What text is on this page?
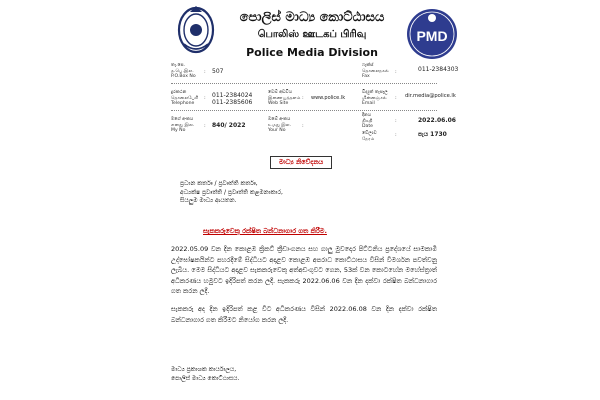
PMD
පොලිස් මාධ්‍ය කොට්ඨාසය
பொலிஸ் ஊடகப் பிரிவு
Police Media Division
තැ.පෙ.
த.பெ.இல.
P.O.Box No
: 507
ෆැක්ස්
தொலைநகல்
Fax
:	011-2384303
දුරකථන
தொலைபேசி
Telephone
: 011-2384024
011-2385606
වෙබ් අඩවිය
இணையத்தளம்
Web Site
: www.police.lk
විද්‍යුත් තැපෑල
மின்னஞ்சல்
Email
: dir.media@police.lk
මගේ අංකය
எனது இல.
My No
: 840/ 2022
ඔබේ අංකය
உமது இல.
Your No
:
දිනය
திகதி
Date
:	2022.06.06
වේලාව
நேரம்
:	පැය 1730
මාධ්‍ය නිවේදනය
ප්‍රධාන කර්තෘ / ප්‍රවෘත්ති කර්තෘ,
අධ්‍යක්ෂ ප්‍රවෘත්ති / ප්‍රවෘත්ති කළමනාකාර,
සියලුම මාධ්‍ය ආයතන.
සැකකරුවෙකු රක්ෂිත බන්ධනාගාර ගත කිරීම.
2022.05.09 වන දින කොළඹ ක්‍රිකට් ක්‍රීඩාංගනය සහ ගාලු මුවදොර පිට්ටනිය ප්‍රදේශයේ සාමකාමී උද්ඝෝෂකයින්ට පහරදීමේ සිද්ධියට අදාළව කොළඹ අපරාධ කොට්ඨාසය විසින් විමර්ශන පවත්වනු ලැබීය. මෙම සිද්ධියට අදාළව සැකකරුවෙකු අත්අඩංගුවට ගෙන, 53ක් වන කොටහේන මහේස්ත්‍රාත් අධිකරණය හමුවට ඉදිරිපත් කරන ලදී. සැකකරු 2022.06.06 වන දින දක්වා රක්ෂිත බන්ධනාගාර ගත කරන ලදී.
සැකකරු අද දින ඉදිරිපත් කළ විට අධිකරණය විසින් 2022.06.08 වන දින දක්වා රක්ෂිත බන්ධනාගාර ගත කිරීමට නියෝග කරන ලදී.
මාධ්‍ය ප්‍රකාශක කාර්යාලය,
පොලිස් මාධ්‍ය කොට්ඨාසය.
